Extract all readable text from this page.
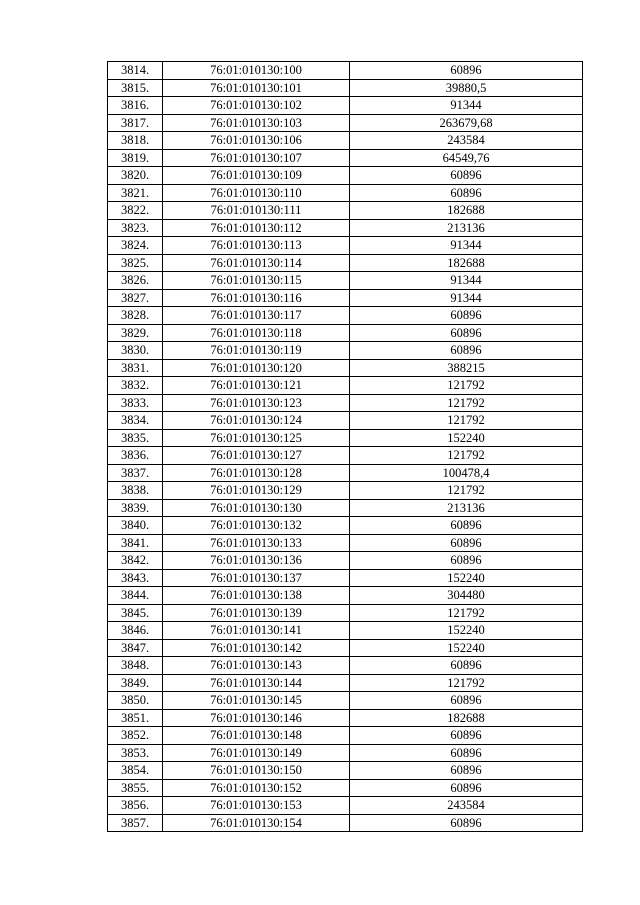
3814.	76:01:010130:100	60896
3815.	76:01:010130:101	39880,5
3816.	76:01:010130:102	91344
3817.	76:01:010130:103	263679,68
3818.	76:01:010130:106	243584
3819.	76:01:010130:107	64549,76
3820.	76:01:010130:109	60896
3821.	76:01:010130:110	60896
3822.	76:01:010130:111	182688
3823.	76:01:010130:112	213136
3824.	76:01:010130:113	91344
3825.	76:01:010130:114	182688
3826.	76:01:010130:115	91344
3827.	76:01:010130:116	91344
3828.	76:01:010130:117	60896
3829.	76:01:010130:118	60896
3830.	76:01:010130:119	60896
3831.	76:01:010130:120	388215
3832.	76:01:010130:121	121792
3833.	76:01:010130:123	121792
3834.	76:01:010130:124	121792
3835.	76:01:010130:125	152240
3836.	76:01:010130:127	121792
3837.	76:01:010130:128	100478,4
3838.	76:01:010130:129	121792
3839.	76:01:010130:130	213136
3840.	76:01:010130:132	60896
3841.	76:01:010130:133	60896
3842.	76:01:010130:136	60896
3843.	76:01:010130:137	152240
3844.	76:01:010130:138	304480
3845.	76:01:010130:139	121792
3846.	76:01:010130:141	152240
3847.	76:01:010130:142	152240
3848.	76:01:010130:143	60896
3849.	76:01:010130:144	121792
3850.	76:01:010130:145	60896
3851.	76:01:010130:146	182688
3852.	76:01:010130:148	60896
3853.	76:01:010130:149	60896
3854.	76:01:010130:150	60896
3855.	76:01:010130:152	60896
3856.	76:01:010130:153	243584
3857.	76:01:010130:154	60896
